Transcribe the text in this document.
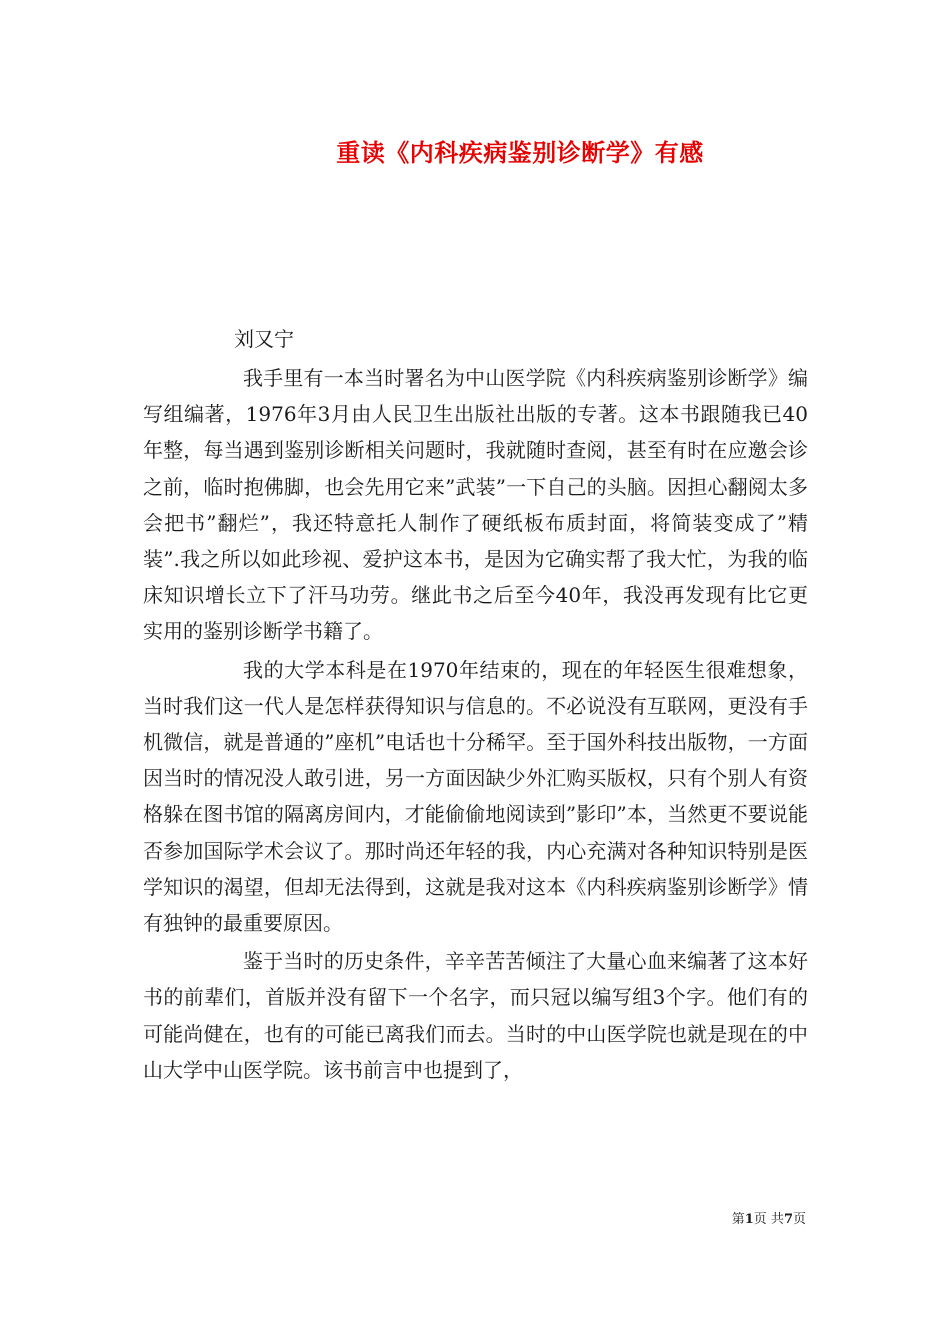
重读《内科疾病鉴别诊断学》有感
刘又宁

我手里有一本当时署名为中山医学院《内科疾病鉴别诊断学》编写组编著，1976年3月由人民卫生出版社出版的专著。这本书跟随我已40年整，每当遇到鉴别诊断相关问题时，我就随时查阅，甚至有时在应邀会诊之前，临时抱佛脚，也会先用它来”武装”一下自己的头脑。因担心翻阅太多会把书”翻烂”，我还特意托人制作了硬纸板布质封面，将简装变成了”精装”.我之所以如此珍视、爱护这本书，是因为它确实帮了我大忙，为我的临床知识增长立下了汗马功劳。继此书之后至今40年，我没再发现有比它更实用的鉴别诊断学书籍了。

我的大学本科是在1970年结束的，现在的年轻医生很难想象，当时我们这一代人是怎样获得知识与信息的。不必说没有互联网，更没有手机微信，就是普通的”座机”电话也十分稀罕。至于国外科技出版物，一方面因当时的情况没人敢引进，另一方面因缺少外汇购买版权，只有个别人有资格躲在图书馆的隔离房间内，才能偷偷地阅读到”影印”本，当然更不要说能否参加国际学术会议了。那时尚还年轻的我，内心充满对各种知识特别是医学知识的渴望，但却无法得到，这就是我对这本《内科疾病鉴别诊断学》情有独钟的最重要原因。

鉴于当时的历史条件，辛辛苦苦倾注了大量心血来编著了这本好书的前辈们，首版并没有留下一个名字，而只冠以编写组3个字。他们有的可能尚健在，也有的可能已离我们而去。当时的中山医学院也就是现在的中山大学中山医学院。该书前言中也提到了，

第1页 共7页
